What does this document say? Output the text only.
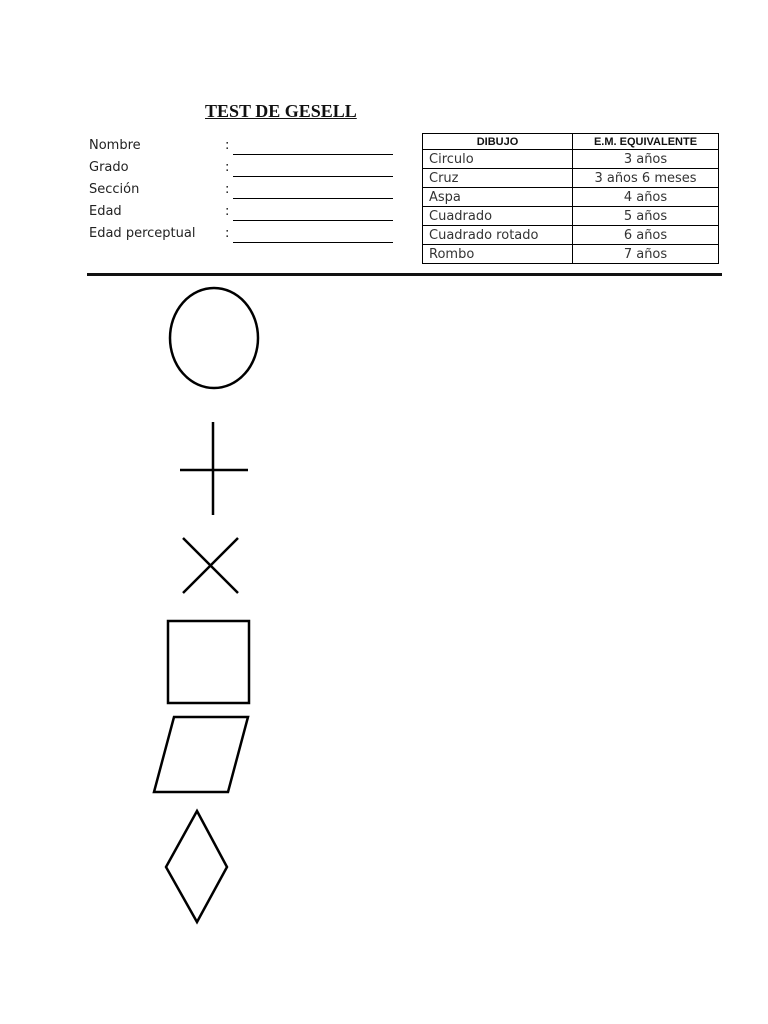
TEST DE GESELL
Nombre	:
Grado	:
Sección	:
Edad	:
Edad perceptual :
DIBUJO	E.M. EQUIVALENTE
Circulo	3 años
Cruz	3 años 6 meses
Aspa	4 años
Cuadrado	5 años
Cuadrado rotado	6 años
Rombo	7 años
